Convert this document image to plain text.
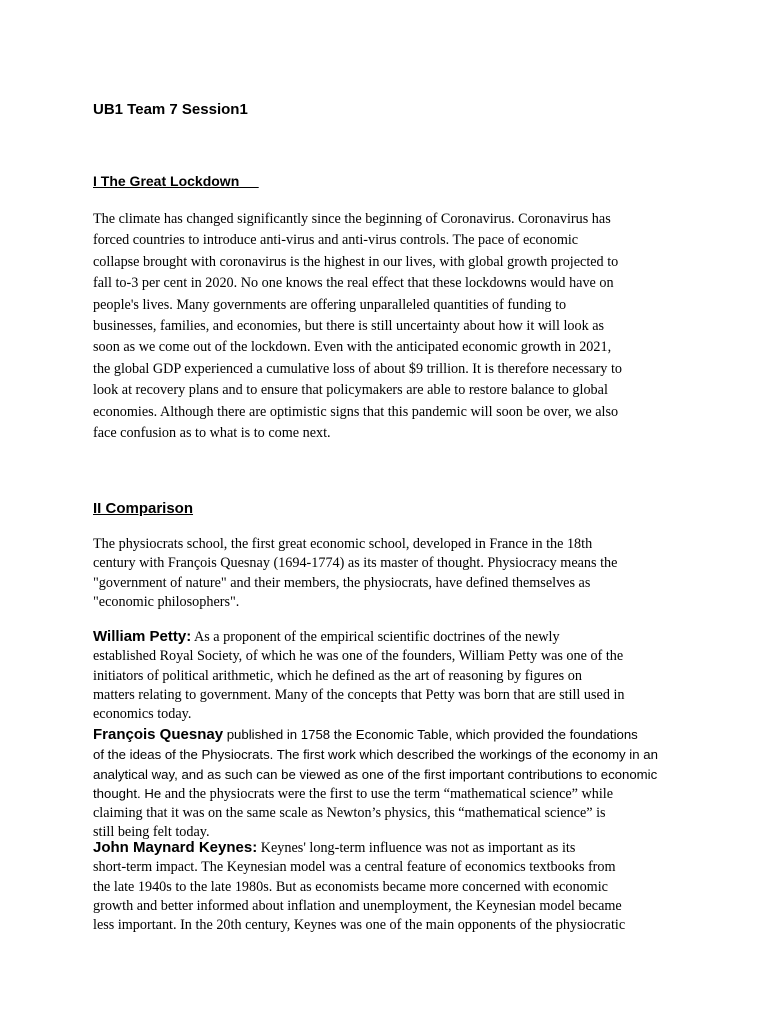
UB1 Team 7 Session1
I The Great Lockdown

The climate has changed significantly since the beginning of Coronavirus. Coronavirus has
forced countries to introduce anti-virus and anti-virus controls. The pace of economic
collapse brought with coronavirus is the highest in our lives, with global growth projected to
fall to-3 per cent in 2020. No one knows the real effect that these lockdowns would have on
people's lives. Many governments are offering unparalleled quantities of funding to
businesses, families, and economies, but there is still uncertainty about how it will look as
soon as we come out of the lockdown. Even with the anticipated economic growth in 2021,
the global GDP experienced a cumulative loss of about $9 trillion. It is therefore necessary to
look at recovery plans and to ensure that policymakers are able to restore balance to global
economies. Although there are optimistic signs that this pandemic will soon be over, we also
face confusion as to what is to come next.

II Comparison

The physiocrats school, the first great economic school, developed in France in the 18th
century with François Quesnay (1694-1774) as its master of thought. Physiocracy means the
"government of nature" and their members, the physiocrats, have defined themselves as
"economic philosophers".

William Petty: As a proponent of the empirical scientific doctrines of the newly
established Royal Society, of which he was one of the founders, William Petty was one of the
initiators of political arithmetic, which he defined as the art of reasoning by figures on
matters relating to government. Many of the concepts that Petty was born that are still used in
economics today.

François Quesnay published in 1758 the Economic Table, which provided the foundations
of the ideas of the Physiocrats. The first work which described the workings of the economy in an
analytical way, and as such can be viewed as one of the first important contributions to economic
thought. He and the physiocrats were the first to use the term “mathematical science” while
claiming that it was on the same scale as Newton’s physics, this “mathematical science” is
still being felt today.

John Maynard Keynes: Keynes' long-term influence was not as important as its
short-term impact. The Keynesian model was a central feature of economics textbooks from
the late 1940s to the late 1980s. But as economists became more concerned with economic
growth and better informed about inflation and unemployment, the Keynesian model became
less important. In the 20th century, Keynes was one of the main opponents of the physiocratic
